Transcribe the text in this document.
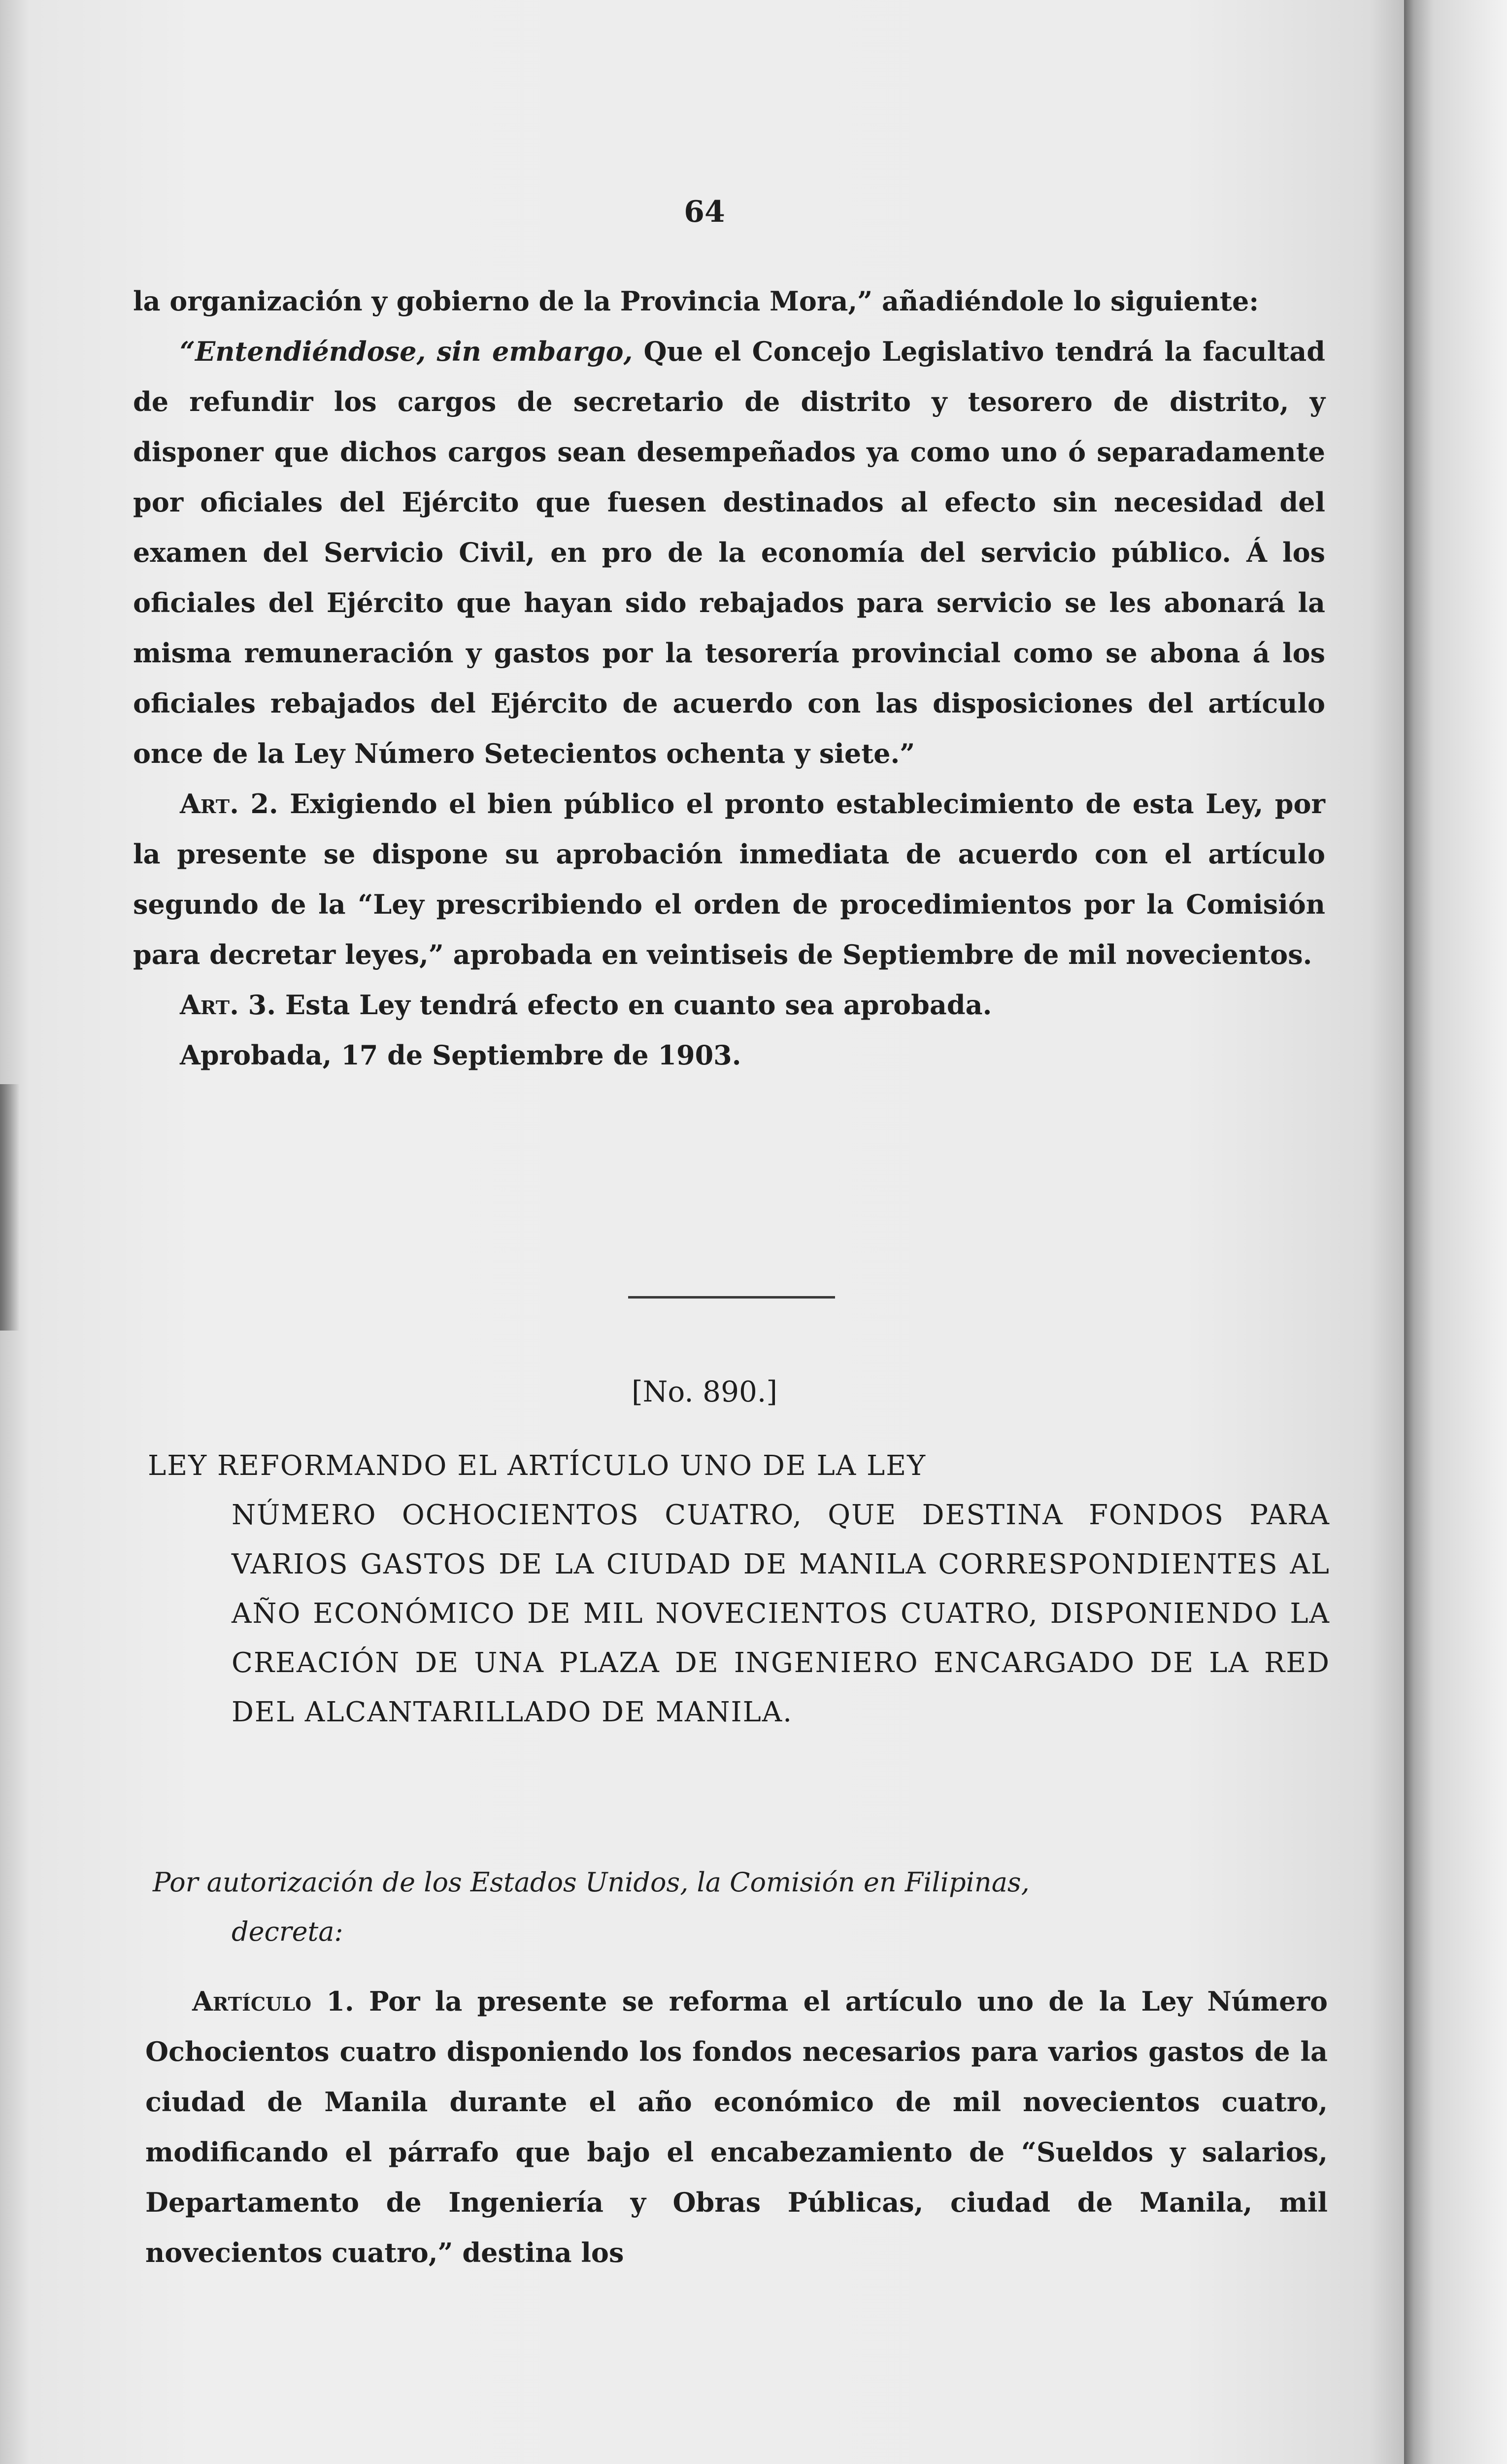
64

la organización y gobierno de la Provincia Mora,” añadiéndole lo siguiente:

“Entendiéndose, sin embargo, Que el Concejo Legislativo tendrá la facultad de refundir los cargos de secretario de distrito y tesorero de distrito, y disponer que dichos cargos sean desempeñados ya como uno ó separadamente por oficiales del Ejército que fuesen destinados al efecto sin necesidad del examen del Servicio Civil, en pro de la economía del servicio público. Á los oficiales del Ejército que hayan sido rebajados para servicio se les abonará la misma remuneración y gastos por la tesorería provincial como se abona á los oficiales rebajados del Ejército de acuerdo con las disposiciones del artículo once de la Ley Número Setecientos ochenta y siete.”

Art. 2. Exigiendo el bien público el pronto establecimiento de esta Ley, por la presente se dispone su aprobación inmediata de acuerdo con el artículo segundo de la “Ley prescribiendo el orden de procedimientos por la Comisión para decretar leyes,” aprobada en veintiseis de Septiembre de mil novecientos.

Art. 3. Esta Ley tendrá efecto en cuanto sea aprobada.

Aprobada, 17 de Septiembre de 1903.

[No. 890.]
LEY REFORMANDO EL ARTÍCULO UNO DE LA LEY
NÚMERO OCHOCIENTOS CUATRO, QUE DESTINA FONDOS PARA VARIOS GASTOS DE LA CIUDAD DE MANILA CORRESPONDIENTES AL AÑO ECONÓMICO DE MIL NOVECIENTOS CUATRO, DISPONIENDO LA CREACIÓN DE UNA PLAZA DE INGENIERO ENCARGADO DE LA RED DEL ALCANTARILLADO DE MANILA.
Por autorización de los Estados Unidos, la Comisión en Filipinas,
decreta:

Artículo 1. Por la presente se reforma el artículo uno de la Ley Número Ochocientos cuatro disponiendo los fondos necesarios para varios gastos de la ciudad de Manila durante el año económico de mil novecientos cuatro, modificando el párrafo que bajo el encabezamiento de “Sueldos y salarios, Departamento de Ingeniería y Obras Públicas, ciudad de Manila, mil novecientos cuatro,” destina los
